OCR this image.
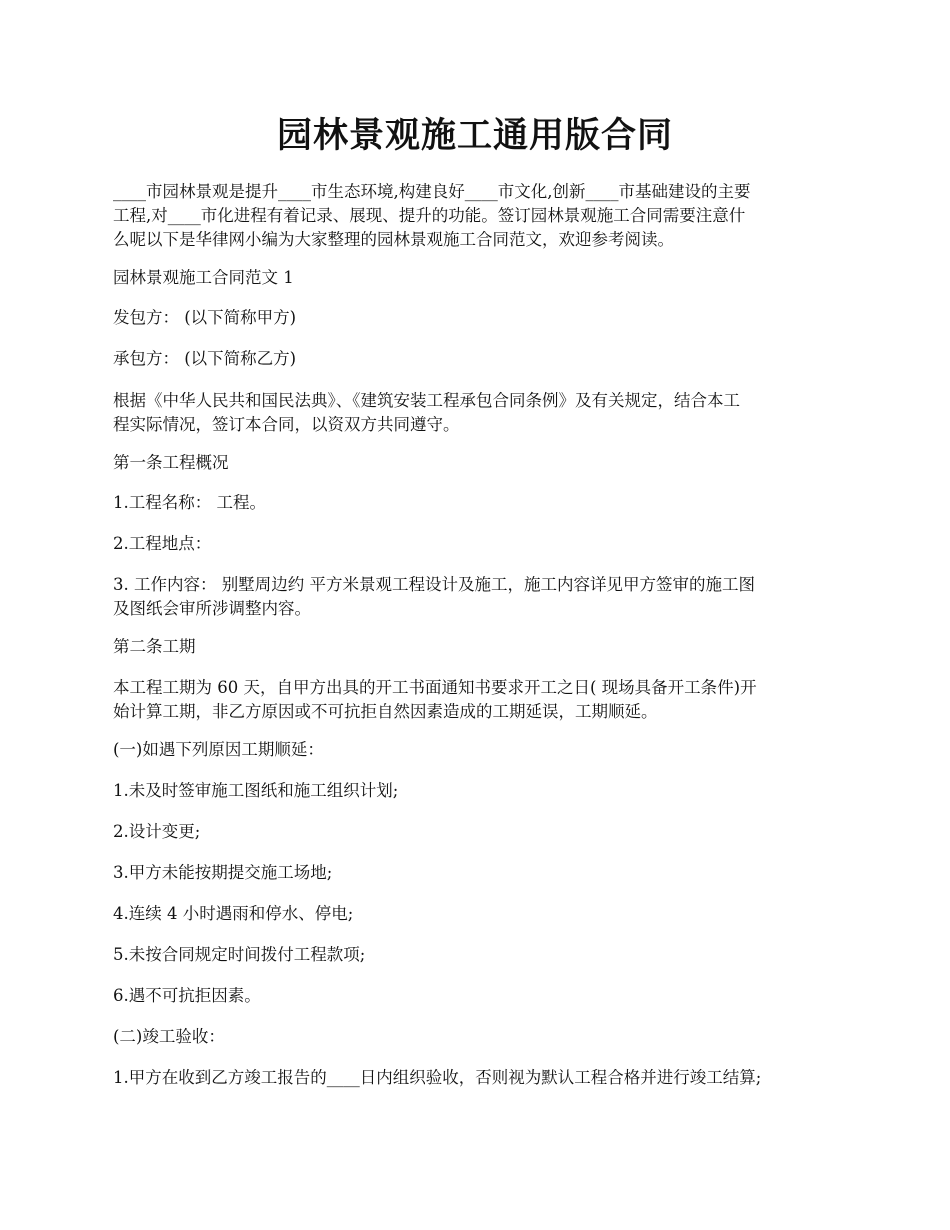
园林景观施工通用版合同

____市园林景观是提升____市生态环境,构建良好____市文化,创新____市基础建设的主要
工程,对____市化进程有着记录、展现、提升的功能。签订园林景观施工合同需要注意什
么呢以下是华律网小编为大家整理的园林景观施工合同范文，欢迎参考阅读。

园林景观施工合同范文 1

发包方： (以下简称甲方)

承包方： (以下简称乙方)

根据《中华人民共和国民法典》、《建筑安装工程承包合同条例》及有关规定，结合本工
程实际情况，签订本合同，以资双方共同遵守。

第一条工程概况

1.工程名称： 工程。

2.工程地点：

3. 工作内容： 别墅周边约 平方米景观工程设计及施工，施工内容详见甲方签审的施工图
及图纸会审所涉调整内容。

第二条工期

本工程工期为 60 天，自甲方出具的开工书面通知书要求开工之日( 现场具备开工条件)开
始计算工期，非乙方原因或不可抗拒自然因素造成的工期延误，工期顺延。

(一)如遇下列原因工期顺延：

1.未及时签审施工图纸和施工组织计划;

2.设计变更;

3.甲方未能按期提交施工场地;

4.连续 4 小时遇雨和停水、停电;

5.未按合同规定时间拨付工程款项;

6.遇不可抗拒因素。

(二)竣工验收：

1.甲方在收到乙方竣工报告的____日内组织验收，否则视为默认工程合格并进行竣工结算;
